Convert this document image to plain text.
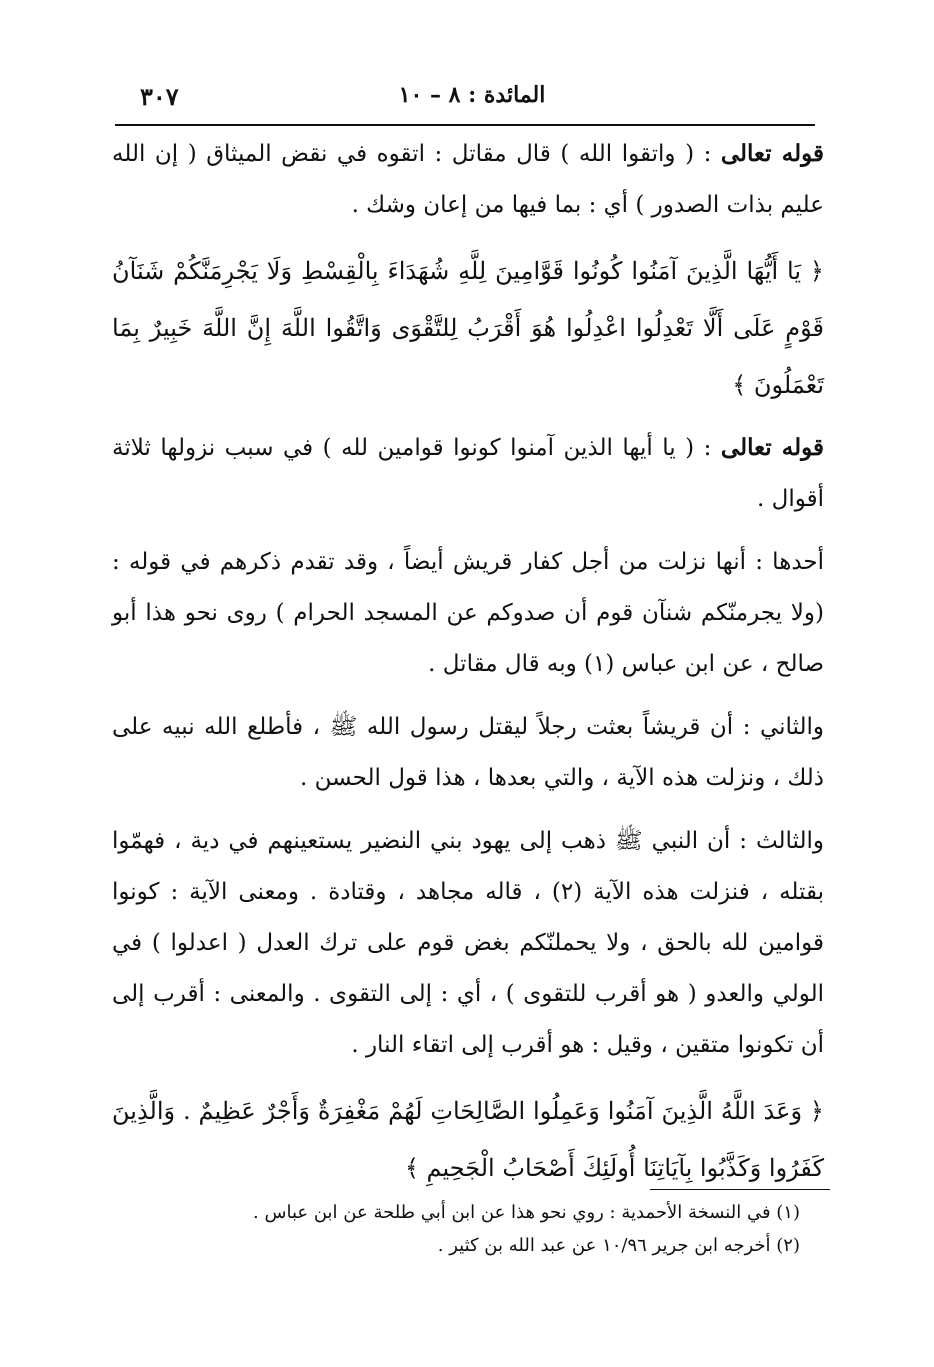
٣٠٧	المائدة : ٨ – ١٠

قوله تعالى : ( واتقوا الله ) قال مقاتل : اتقوه في نقض الميثاق ( إن الله عليم بذات الصدور ) أي : بما فيها من إعان وشك .

﴿ يَا أَيُّهَا الَّذِينَ آمَنُوا كُونُوا قَوَّامِينَ لِلَّهِ شُهَدَاءَ بِالْقِسْطِ وَلَا يَجْرِمَنَّكُمْ شَنَآنُ قَوْمٍ عَلَى أَلَّا تَعْدِلُوا اعْدِلُوا هُوَ أَقْرَبُ لِلتَّقْوَى وَاتَّقُوا اللَّهَ إِنَّ اللَّهَ خَبِيرٌ بِمَا تَعْمَلُونَ ﴾

قوله تعالى : ( يا أيها الذين آمنوا كونوا قوامين لله ) في سبب نزولها ثلاثة أقوال .

أحدها : أنها نزلت من أجل كفار قريش أيضاً ، وقد تقدم ذكرهم في قوله : (ولا يجرمنّكم شنآن قوم أن صدوكم عن المسجد الحرام ) روى نحو هذا أبو صالح ، عن ابن عباس (١) وبه قال مقاتل .

والثاني : أن قريشاً بعثت رجلاً ليقتل رسول الله ﷺ ، فأطلع الله نبيه على ذلك ، ونزلت هذه الآية ، والتي بعدها ، هذا قول الحسن .

والثالث : أن النبي ﷺ ذهب إلى يهود بني النضير يستعينهم في دية ، فهمّوا بقتله ، فنزلت هذه الآية (٢) ، قاله مجاهد ، وقتادة . ومعنى الآية : كونوا قوامين لله بالحق ، ولا يحملنّكم بغض قوم على ترك العدل ( اعدلوا ) في الولي والعدو ( هو أقرب للتقوى ) ، أي : إلى التقوى . والمعنى : أقرب إلى أن تكونوا متقين ، وقيل : هو أقرب إلى اتقاء النار .

﴿ وَعَدَ اللَّهُ الَّذِينَ آمَنُوا وَعَمِلُوا الصَّالِحَاتِ لَهُمْ مَغْفِرَةٌ وَأَجْرٌ عَظِيمٌ . وَالَّذِينَ كَفَرُوا وَكَذَّبُوا بِآيَاتِنَا أُولَئِكَ أَصْحَابُ الْجَحِيمِ ﴾

(١) في النسخة الأحمدية : روي نحو هذا عن ابن أبي طلحة عن ابن عباس .
(٢) أخرجه ابن جرير ١٠/٩٦ عن عبد الله بن كثير .
